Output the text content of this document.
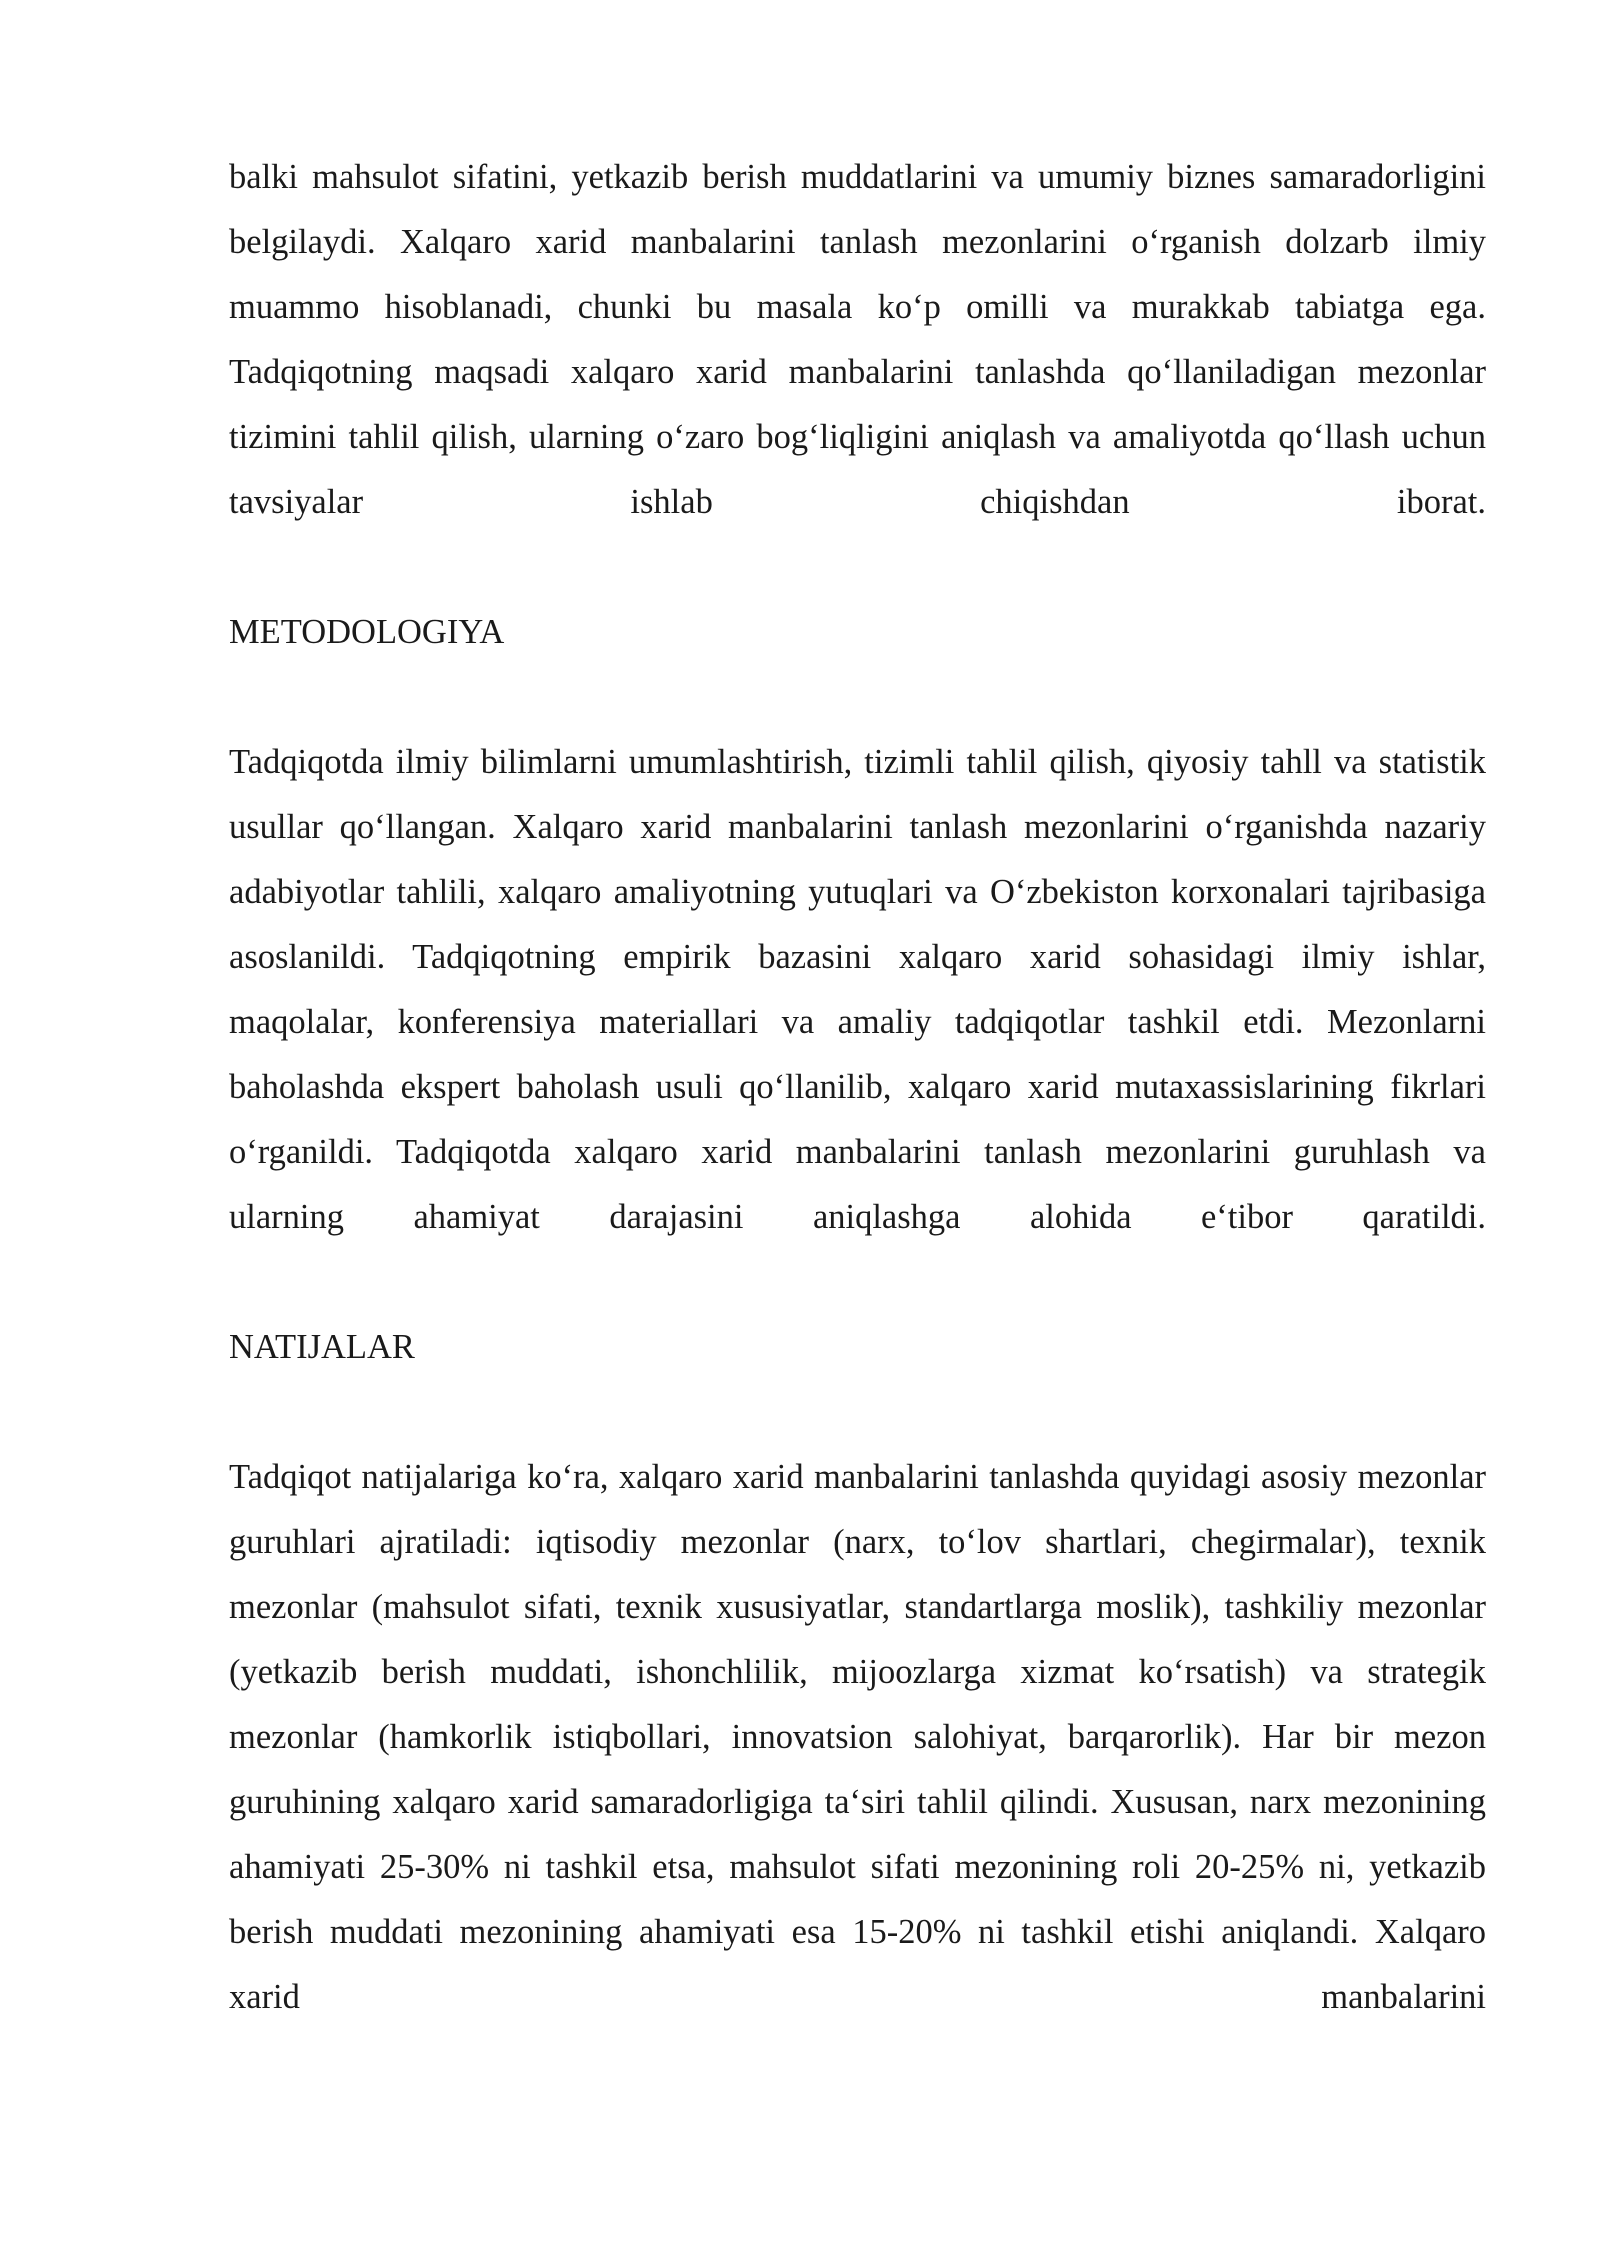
balki mahsulot sifatini, yetkazib berish muddatlarini va umumiy biznes samaradorligini belgilaydi. Xalqaro xarid manbalarini tanlash mezonlarini o‘rganish dolzarb ilmiy muammo hisoblanadi, chunki bu masala ko‘p omilli va murakkab tabiatga ega. Tadqiqotning maqsadi xalqaro xarid manbalarini tanlashda qo‘llaniladigan mezonlar tizimini tahlil qilish, ularning o‘zaro bog‘liqligini aniqlash va amaliyotda qo‘llash uchun tavsiyalar ishlab chiqishdan iborat.

METODOLOGIYA

Tadqiqotda ilmiy bilimlarni umumlashtirish, tizimli tahlil qilish, qiyosiy tahll va statistik usullar qo‘llangan. Xalqaro xarid manbalarini tanlash mezonlarini o‘rganishda nazariy adabiyotlar tahlili, xalqaro amaliyotning yutuqlari va O‘zbekiston korxonalari tajribasiga asoslanildi. Tadqiqotning empirik bazasini xalqaro xarid sohasidagi ilmiy ishlar, maqolalar, konferensiya materiallari va amaliy tadqiqotlar tashkil etdi. Mezonlarni baholashda ekspert baholash usuli qo‘llanilib, xalqaro xarid mutaxassislarining fikrlari o‘rganildi. Tadqiqotda xalqaro xarid manbalarini tanlash mezonlarini guruhlash va ularning ahamiyat darajasini aniqlashga alohida e‘tibor qaratildi.

NATIJALAR

Tadqiqot natijalariga ko‘ra, xalqaro xarid manbalarini tanlashda quyidagi asosiy mezonlar guruhlari ajratiladi: iqtisodiy mezonlar (narx, to‘lov shartlari, chegirmalar), texnik mezonlar (mahsulot sifati, texnik xususiyatlar, standartlarga moslik), tashkiliy mezonlar (yetkazib berish muddati, ishonchlilik, mijoozlarga xizmat ko‘rsatish) va strategik mezonlar (hamkorlik istiqbollari, innovatsion salohiyat, barqarorlik). Har bir mezon guruhining xalqaro xarid samaradorligiga ta‘siri tahlil qilindi. Xususan, narx mezonining ahamiyati 25-30% ni tashkil etsa, mahsulot sifati mezonining roli 20-25% ni, yetkazib berish muddati mezonining ahamiyati esa 15-20% ni tashkil etishi aniqlandi. Xalqaro xarid manbalarini
